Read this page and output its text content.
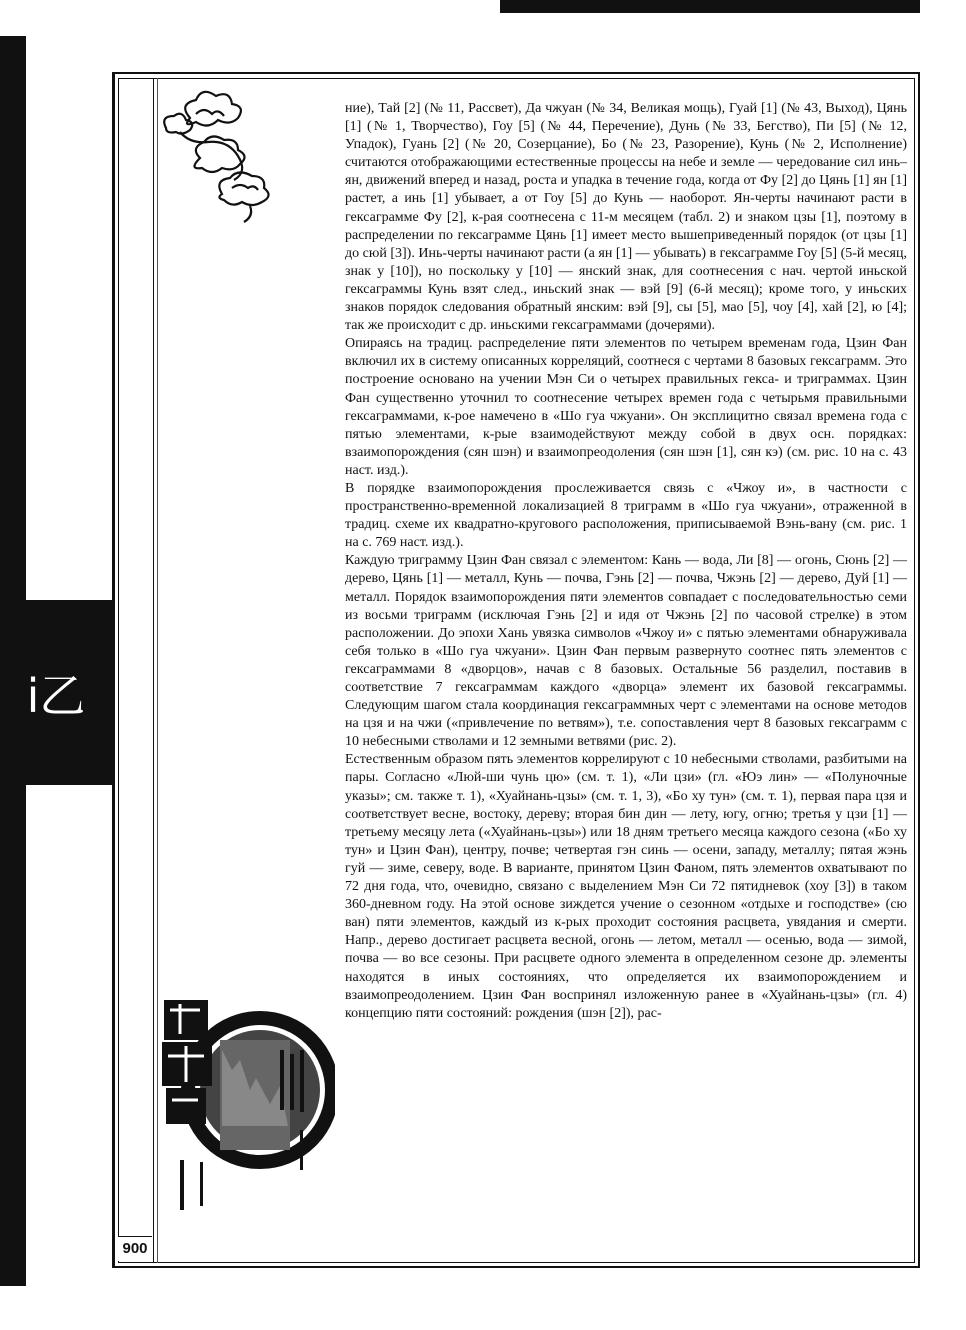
i乙
900

ние), Тай [2] (№ 11, Рассвет), Да чжуан (№ 34, Великая мощь), Гуай [1] (№ 43, Выход), Цянь [1] (№ 1, Творчество), Гоу [5] (№ 44, Перечение), Дунь (№ 33, Бегство), Пи [5] (№ 12, Упадок), Гуань [2] (№ 20, Созерцание), Бо (№ 23, Разорение), Кунь (№ 2, Исполнение) считаются отображающими естественные процессы на небе и земле — чередование сил инь–ян, движений вперед и назад, роста и упадка в течение года, когда от Фу [2] до Цянь [1] ян [1] растет, а инь [1] убывает, а от Гоу [5] до Кунь — наоборот. Ян-черты начинают расти в гексаграмме Фу [2], к-рая соотнесена с 11-м месяцем (табл. 2) и знаком цзы [1], поэтому в распределении по гексаграмме Цянь [1] имеет место вышеприведенный порядок (от цзы [1] до сюй [3]). Инь-черты начинают расти (а ян [1] — убывать) в гексаграмме Гоу [5] (5-й месяц, знак у [10]), но поскольку у [10] — янский знак, для соотнесения с нач. чертой иньской гексаграммы Кунь взят след., иньский знак — вэй [9] (6-й месяц); кроме того, у иньских знаков порядок следования обратный янским: вэй [9], сы [5], мао [5], чоу [4], хай [2], ю [4]; так же происходит с др. иньскими гексаграммами (дочерями).

Опираясь на традиц. распределение пяти элементов по четырем временам года, Цзин Фан включил их в систему описанных корреляций, соотнеся с чертами 8 базовых гексаграмм. Это построение основано на учении Мэн Си о четырех правильных гекса- и триграммах. Цзин Фан существенно уточнил то соотнесение четырех времен года с четырьмя правильными гексаграммами, к-рое намечено в «Шо гуа чжуани». Он эксплицитно связал времена года с пятью элементами, к-рые взаимодействуют между собой в двух осн. порядках: взаимопорождения (сян шэн) и взаимопреодоления (сян шэн [1], сян кэ) (см. рис. 10 на с. 43 наст. изд.).

В порядке взаимопорождения прослеживается связь с «Чжоу и», в частности с пространственно-временной локализацией 8 триграмм в «Шо гуа чжуани», отраженной в традиц. схеме их квадратно-кругового расположения, приписываемой Вэнь-вану (см. рис. 1 на с. 769 наст. изд.).

Каждую триграмму Цзин Фан связал с элементом: Кань — вода, Ли [8] — огонь, Сюнь [2] — дерево, Цянь [1] — металл, Кунь — почва, Гэнь [2] — почва, Чжэнь [2] — дерево, Дуй [1] — металл. Порядок взаимопорождения пяти элементов совпадает с последовательностью семи из восьми триграмм (исключая Гэнь [2] и идя от Чжэнь [2] по часовой стрелке) в этом расположении. До эпохи Хань увязка символов «Чжоу и» с пятью элементами обнаруживала себя только в «Шо гуа чжуани». Цзин Фан первым развернуто соотнес пять элементов с гексаграммами 8 «дворцов», начав с 8 базовых. Остальные 56 разделил, поставив в соответствие 7 гексаграммам каждого «дворца» элемент их базовой гексаграммы. Следующим шагом стала координация гексаграммных черт с элементами на основе методов на цзя и на чжи («привлечение по ветвям»), т.е. сопоставления черт 8 базовых гексаграмм с 10 небесными стволами и 12 земными ветвями (рис. 2).

Естественным образом пять элементов коррелируют с 10 небесными стволами, разбитыми на пары. Согласно «Люй-ши чунь цю» (см. т. 1), «Ли цзи» (гл. «Юэ лин» — «Полуночные указы»; см. также т. 1), «Хуайнань-цзы» (см. т. 1, 3), «Бо ху тун» (см. т. 1), первая пара цзя и соответствует весне, востоку, дереву; вторая бин дин — лету, югу, огню; третья у цзи [1] — третьему месяцу лета («Хуайнань-цзы») или 18 дням третьего месяца каждого сезона («Бо ху тун» и Цзин Фан), центру, почве; четвертая гэн синь — осени, западу, металлу; пятая жэнь гуй — зиме, северу, воде. В варианте, принятом Цзин Фаном, пять элементов охватывают по 72 дня года, что, очевидно, связано с выделением Мэн Си 72 пятидневок (хоу [3]) в таком 360-дневном году. На этой основе зиждется учение о сезонном «отдыхе и господстве» (сю ван) пяти элементов, каждый из к-рых проходит состояния расцвета, увядания и смерти. Напр., дерево достигает расцвета весной, огонь — летом, металл — осенью, вода — зимой, почва — во все сезоны. При расцвете одного элемента в определенном сезоне др. элементы находятся в иных состояниях, что определяется их взаимопорождением и взаимопреодолением. Цзин Фан воспринял изложенную ранее в «Хуайнань-цзы» (гл. 4) концепцию пяти состояний: рождения (шэн [2]), рас-
